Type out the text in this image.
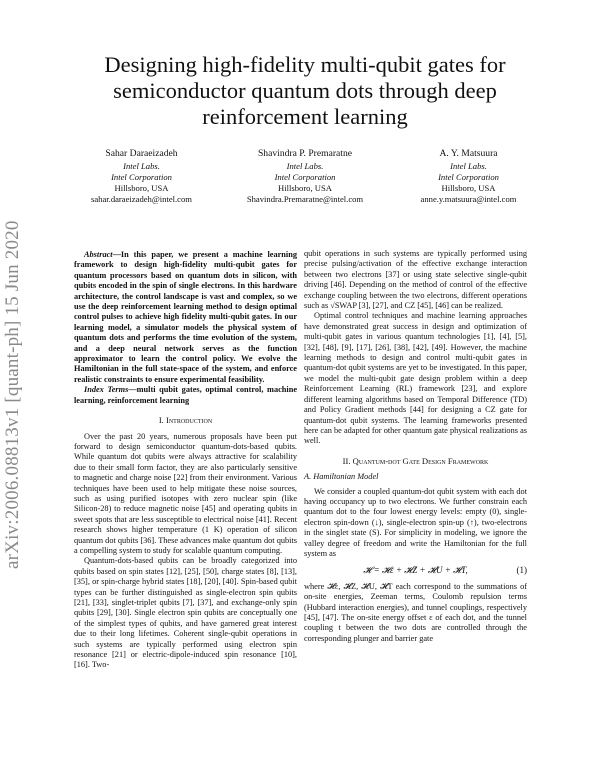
arXiv:2006.08813v1 [quant-ph] 15 Jun 2020
Designing high-fidelity multi-qubit gates for semiconductor quantum dots through deep reinforcement learning
Sahar Daraeizadeh
Intel Labs.
Intel Corporation
Hillsboro, USA
sahar.daraeizadeh@intel.com
Shavindra P. Premaratne
Intel Labs.
Intel Corporation
Hillsboro, USA
Shavindra.Premaratne@intel.com
A. Y. Matsuura
Intel Labs.
Intel Corporation
Hillsboro, USA
anne.y.matsuura@intel.com

Abstract—In this paper, we present a machine learning framework to design high-fidelity multi-qubit gates for quantum processors based on quantum dots in silicon, with qubits encoded in the spin of single electrons. In this hardware architecture, the control landscape is vast and complex, so we use the deep reinforcement learning method to design optimal control pulses to achieve high fidelity multi-qubit gates. In our learning model, a simulator models the physical system of quantum dots and performs the time evolution of the system, and a deep neural network serves as the function approximator to learn the control policy. We evolve the Hamiltonian in the full state-space of the system, and enforce realistic constraints to ensure experimental feasibility.

Index Terms—multi qubit gates, optimal control, machine learning, reinforcement learning

I. Introduction

Over the past 20 years, numerous proposals have been put forward to design semiconductor quantum-dots-based qubits. While quantum dot qubits were always attractive for scalability due to their small form factor, they are also particularly sensitive to magnetic and charge noise [22] from their environment. Various techniques have been used to help mitigate these noise sources, such as using purified isotopes with zero nuclear spin (like Silicon-28) to reduce magnetic noise [45] and operating qubits in sweet spots that are less susceptible to electrical noise [41]. Recent research shows higher temperature (1 K) operation of silicon quantum dot qubits [36]. These advances make quantum dot qubits a compelling system to study for scalable quantum computing.

Quantum-dots-based qubits can be broadly categorized into qubits based on spin states [12], [25], [50], charge states [8], [13], [35], or spin-charge hybrid states [18], [20], [40]. Spin-based qubit types can be further distinguished as single-electron spin qubits [21], [33], singlet-triplet qubits [7], [37], and exchange-only spin qubits [29], [30]. Single electron spin qubits are conceptually one of the simplest types of qubits, and have garnered great interest due to their long lifetimes. Coherent single-qubit operations in such systems are typically performed using electron spin resonance [21] or electric-dipole-induced spin resonance [10], [16]. Two-

qubit operations in such systems are typically performed using precise pulsing/activation of the effective exchange interaction between two electrons [37] or using state selective single-qubit driving [46]. Depending on the method of control of the effective exchange coupling between the two electrons, different operations such as √SWAP [3], [27], and CZ [45], [46] can be realized.

Optimal control techniques and machine learning approaches have demonstrated great success in design and optimization of multi-qubit gates in various quantum technologies [1], [4], [5], [32], [48], [9], [17], [26], [38], [42], [49]. However, the machine learning methods to design and control multi-qubit gates in quantum-dot qubit systems are yet to be investigated. In this paper, we model the multi-qubit gate design problem within a deep Reinforcement Learning (RL) framework [23], and explore different learning algorithms based on Temporal Difference (TD) and Policy Gradient methods [44] for designing a CZ gate for quantum-dot qubit systems. The learning frameworks presented here can be adapted for other quantum gate physical realizations as well.

II. Quantum-dot Gate Design Framework
A. Hamiltonian Model

We consider a coupled quantum-dot qubit system with each dot having occupancy up to two electrons. We further constrain each quantum dot to the four lowest energy levels: empty (0), single-electron spin-down (↓), single-electron spin-up (↑), two-electrons in the singlet state (S). For simplicity in modeling, we ignore the valley degree of freedom and write the Hamiltonian for the full system as

𝓗 = 𝓗ε + 𝓗Z + 𝓗U + 𝓗T,	(1)

where 𝓗ε, 𝓗Z, 𝓗U, 𝓗T each correspond to the summations of on-site energies, Zeeman terms, Coulomb repulsion terms (Hubbard interaction energies), and tunnel couplings, respectively [45], [47]. The on-site energy offset ε of each dot, and the tunnel coupling t between the two dots are controlled through the corresponding plunger and barrier gate
